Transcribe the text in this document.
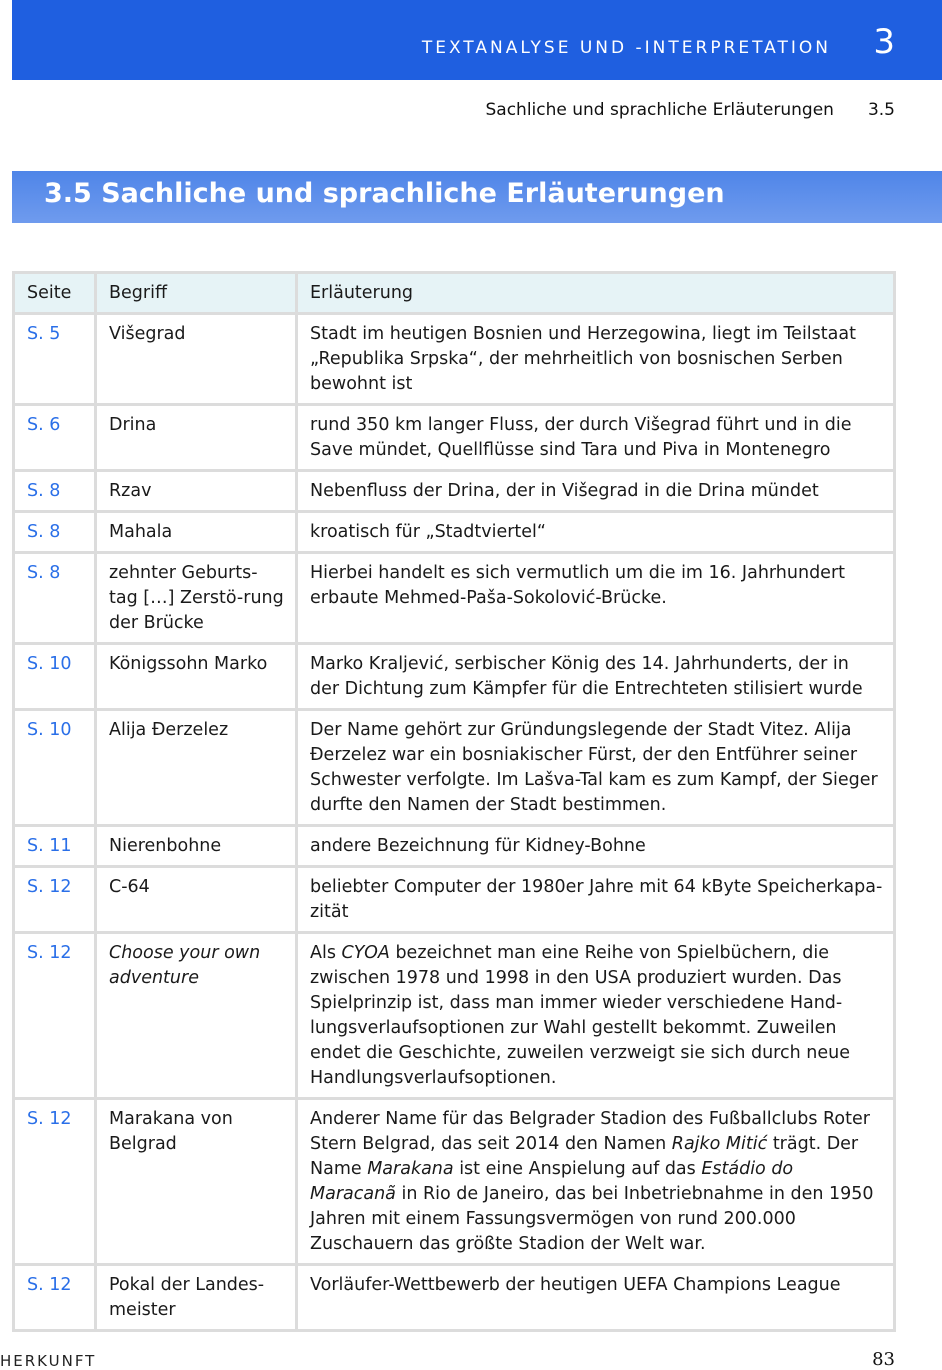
TEXTANALYSE UND -INTERPRETATION 3
Sachliche und sprachliche Erläuterungen 3.5
3.5 Sachliche und sprachliche Erläuterungen
Seite	Begriff	Erläuterung
S. 5	Višegrad	Stadt im heutigen Bosnien und Herzegowina, liegt im Teilstaat „Republika Srpska“, der mehrheitlich von bosnischen Serben bewohnt ist
S. 6	Drina	rund 350 km langer Fluss, der durch Višegrad führt und in die Save mündet, Quellflüsse sind Tara und Piva in Montenegro
S. 8	Rzav	Nebenfluss der Drina, der in Višegrad in die Drina mündet
S. 8	Mahala	kroatisch für „Stadtviertel“
S. 8	zehnter Geburts-tag […] Zerstö-rung der Brücke	Hierbei handelt es sich vermutlich um die im 16. Jahrhundert erbaute Mehmed-Paša-Sokolović-Brücke.
S. 10	Königssohn Marko	Marko Kraljević, serbischer König des 14. Jahrhunderts, der in der Dichtung zum Kämpfer für die Entrechteten stilisiert wurde
S. 10	Alija Đerzelez	Der Name gehört zur Gründungslegende der Stadt Vitez. Alija Đerzelez war ein bosniakischer Fürst, der den Entführer seiner Schwester verfolgte. Im Lašva-Tal kam es zum Kampf, der Sieger durfte den Namen der Stadt bestimmen.
S. 11	Nierenbohne	andere Bezeichnung für Kidney-Bohne
S. 12	C-64	beliebter Computer der 1980er Jahre mit 64 kByte Speicherkapa-zität
S. 12	Choose your own adventure	Als CYOA bezeichnet man eine Reihe von Spielbüchern, die zwischen 1978 und 1998 in den USA produziert wurden. Das Spielprinzip ist, dass man immer wieder verschiedene Hand-lungsverlaufsoptionen zur Wahl gestellt bekommt. Zuweilen endet die Geschichte, zuweilen verzweigt sie sich durch neue Handlungsverlaufsoptionen.
S. 12	Marakana von Belgrad	Anderer Name für das Belgrader Stadion des Fußballclubs Roter Stern Belgrad, das seit 2014 den Namen Rajko Mitić trägt. Der Name Marakana ist eine Anspielung auf das Estádio do Maracanã in Rio de Janeiro, das bei Inbetriebnahme in den 1950 Jahren mit einem Fassungsvermögen von rund 200.000 Zuschauern das größte Stadion der Welt war.
S. 12	Pokal der Landes-meister	Vorläufer-Wettbewerb der heutigen UEFA Champions League
HERKUNFT	83
